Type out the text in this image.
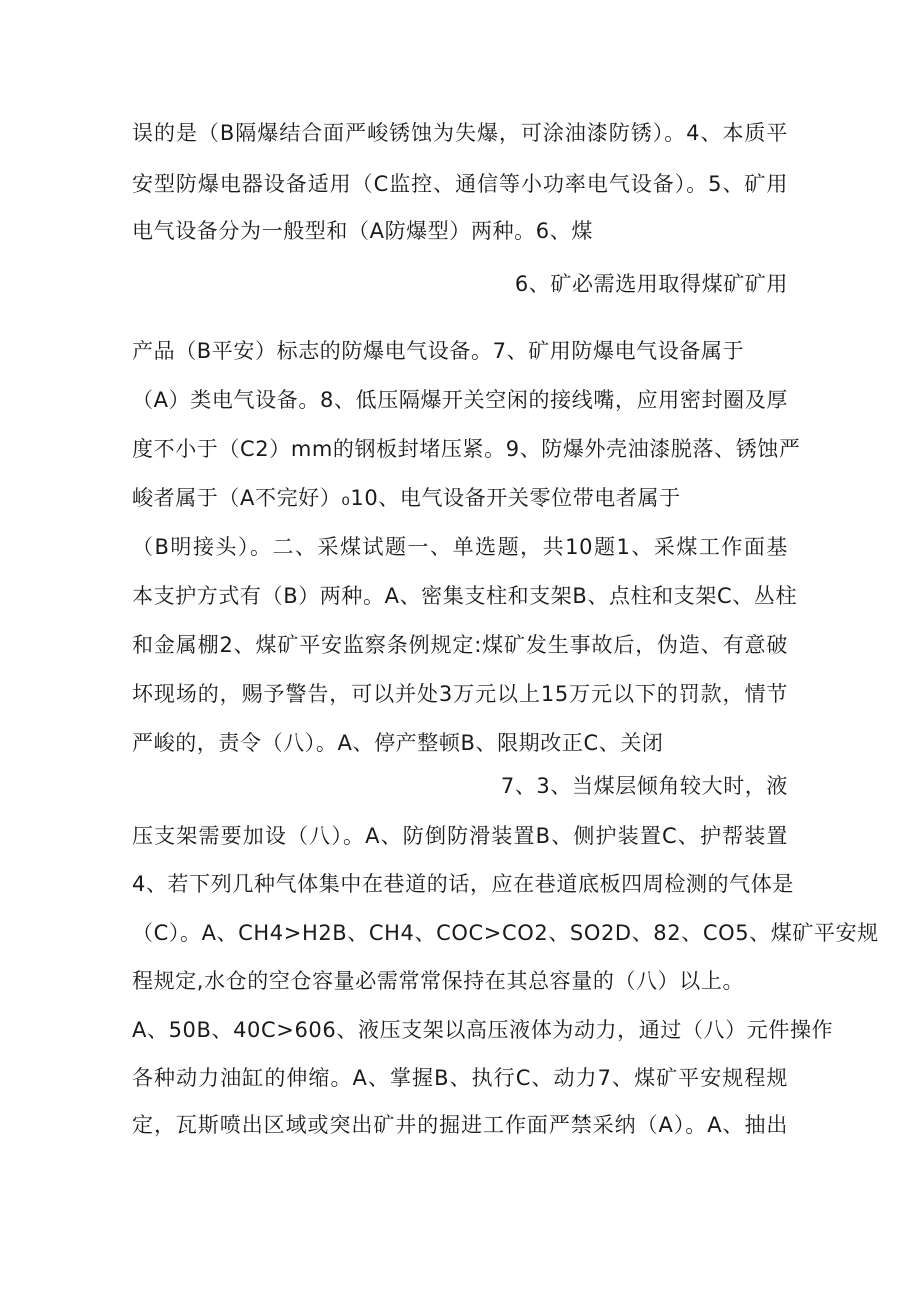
误的是（B隔爆结合面严峻锈蚀为失爆，可涂油漆防锈）。4、本质平
安型防爆电器设备适用（C监控、通信等小功率电气设备）。5、矿用
电气设备分为一般型和（A防爆型）两种。6、煤
6、矿必需选用取得煤矿矿用
产品（B平安）标志的防爆电气设备。7、矿用防爆电气设备属于
（A）类电气设备。8、低压隔爆开关空闲的接线嘴，应用密封圈及厚
度不小于（C2）mm的钢板封堵压紧。9、防爆外壳油漆脱落、锈蚀严
峻者属于（A不完好）₀10、电气设备开关零位带电者属于
（B明接头）。二、采煤试题一、单选题，共10题1、采煤工作面基
本支护方式有（B）两种。A、密集支柱和支架B、点柱和支架C、丛柱
和金属棚2、煤矿平安监察条例规定:煤矿发生事故后，伪造、有意破
坏现场的，赐予警告，可以并处3万元以上15万元以下的罚款，情节
严峻的，责令（八）。A、停产整顿B、限期改正C、关闭
7、3、当煤层倾角较大时，液
压支架需要加设（八）。A、防倒防滑装置B、侧护装置C、护帮装置
4、若下列几种气体集中在巷道的话，应在巷道底板四周检测的气体是
（C）。A、CH4>H2B、CH4、COC>CO2、SO2D、82、CO5、煤矿平安规
程规定,水仓的空仓容量必需常常保持在其总容量的（八）以上。
A、50B、40C>606、液压支架以高压液体为动力，通过（八）元件操作
各种动力油缸的伸缩。A、掌握B、执行C、动力7、煤矿平安规程规
定，瓦斯喷出区域或突出矿井的掘进工作面严禁采纳（A）。A、抽出
